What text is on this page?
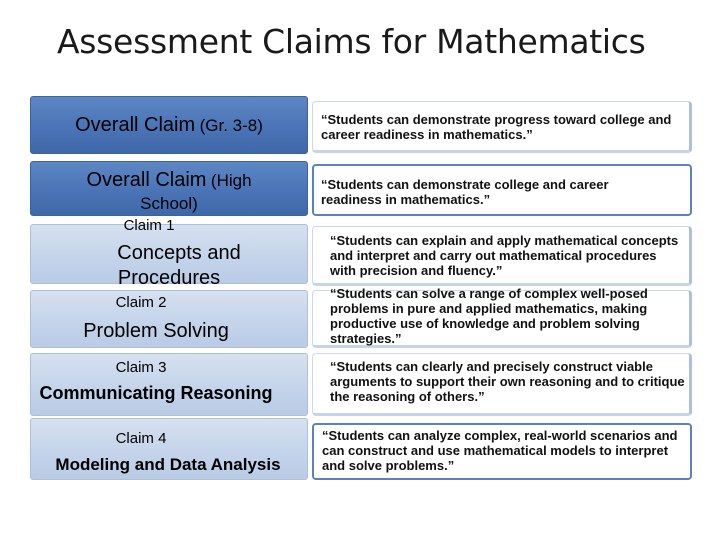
Assessment Claims for Mathematics
Overall Claim (Gr. 3-8)	“Students can demonstrate progress toward college and career readiness in mathematics.”
Overall Claim (High
School)
“Students can demonstrate college and career readiness in mathematics.”
Claim 1
Concepts and
Procedures
“Students can explain and apply mathematical concepts and interpret and carry out mathematical procedures with precision and fluency.”
Claim 2
Problem Solving
“Students can solve a range of complex well-posed problems in pure and applied mathematics, making productive use of knowledge and problem solving strategies.”
Claim 3
Communicating Reasoning
“Students can clearly and precisely construct viable arguments to support their own reasoning and to critique the reasoning of others.”
Claim 4
Modeling and Data Analysis
“Students can analyze complex, real-world scenarios and can construct and use mathematical models to interpret and solve problems.”
